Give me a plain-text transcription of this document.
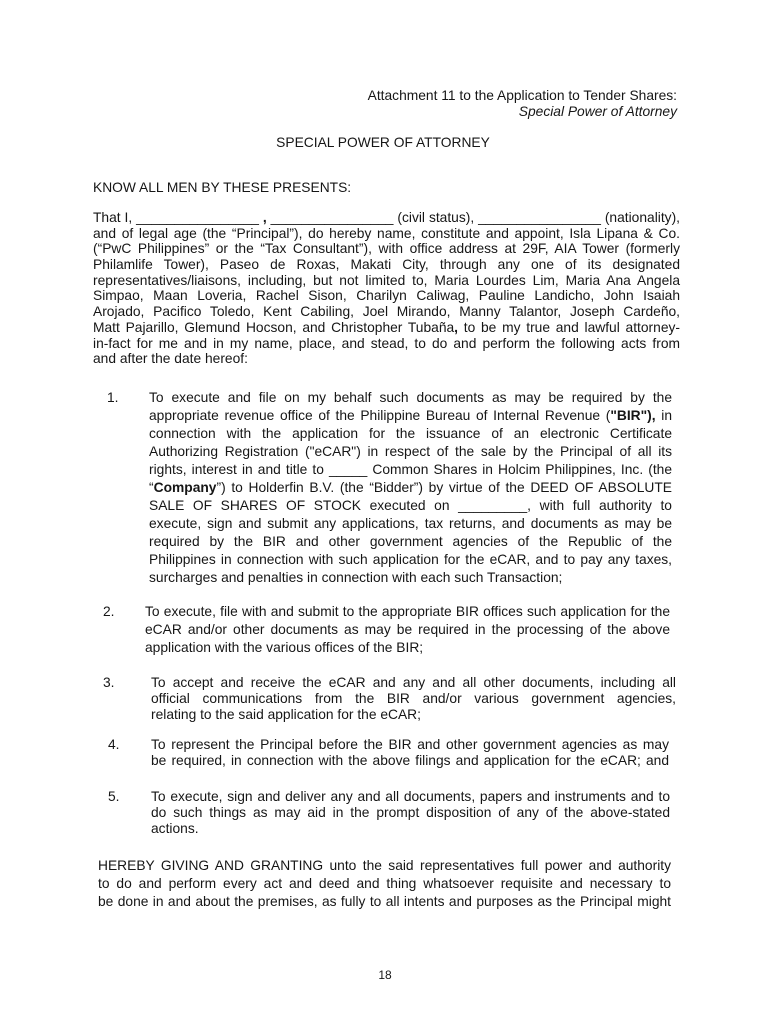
Attachment 11 to the Application to Tender Shares:
Special Power of Attorney
SPECIAL POWER OF ATTORNEY
KNOW ALL MEN BY THESE PRESENTS:
That I, ________________ , ________________ (civil status), ________________ (nationality),
and of legal age (the “Principal”), do hereby name, constitute and appoint, Isla Lipana & Co.
(“PwC Philippines” or the “Tax Consultant”), with office address at 29F, AIA Tower (formerly
Philamlife Tower), Paseo de Roxas, Makati City, through any one of its designated
representatives/liaisons, including, but not limited to, Maria Lourdes Lim, Maria Ana Angela
Simpao, Maan Loveria, Rachel Sison, Charilyn Caliwag, Pauline Landicho, John Isaiah
Arojado, Pacifico Toledo, Kent Cabiling, Joel Mirando, Manny Talantor, Joseph Cardeño,
Matt Pajarillo, Glemund Hocson, and Christopher Tubaña, to be my true and lawful attorney-
in-fact for me and in my name, place, and stead, to do and perform the following acts from
and after the date hereof:
1. To execute and file on my behalf such documents as may be required by the
appropriate revenue office of the Philippine Bureau of Internal Revenue ("BIR"), in
connection with the application for the issuance of an electronic Certificate
Authorizing Registration ("eCAR") in respect of the sale by the Principal of all its
rights, interest in and title to _____ Common Shares in Holcim Philippines, Inc. (the
“Company”) to Holderfin B.V. (the “Bidder”) by virtue of the DEED OF ABSOLUTE
SALE OF SHARES OF STOCK executed on _________, with full authority to
execute, sign and submit any applications, tax returns, and documents as may be
required by the BIR and other government agencies of the Republic of the
Philippines in connection with such application for the eCAR, and to pay any taxes,
surcharges and penalties in connection with each such Transaction;
2. To execute, file with and submit to the appropriate BIR offices such application for the
eCAR and/or other documents as may be required in the processing of the above
application with the various offices of the BIR;
3.	To accept and receive the eCAR and any and all other documents, including all
official communications from the BIR and/or various government agencies,
relating to the said application for the eCAR;
4. To represent the Principal before the BIR and other government agencies as may
be required, in connection with the above filings and application for the eCAR; and
5. To execute, sign and deliver any and all documents, papers and instruments and to
do such things as may aid in the prompt disposition of any of the above-stated
actions.
HEREBY GIVING AND GRANTING unto the said representatives full power and authority
to do and perform every act and deed and thing whatsoever requisite and necessary to
be done in and about the premises, as fully to all intents and purposes as the Principal might
18
